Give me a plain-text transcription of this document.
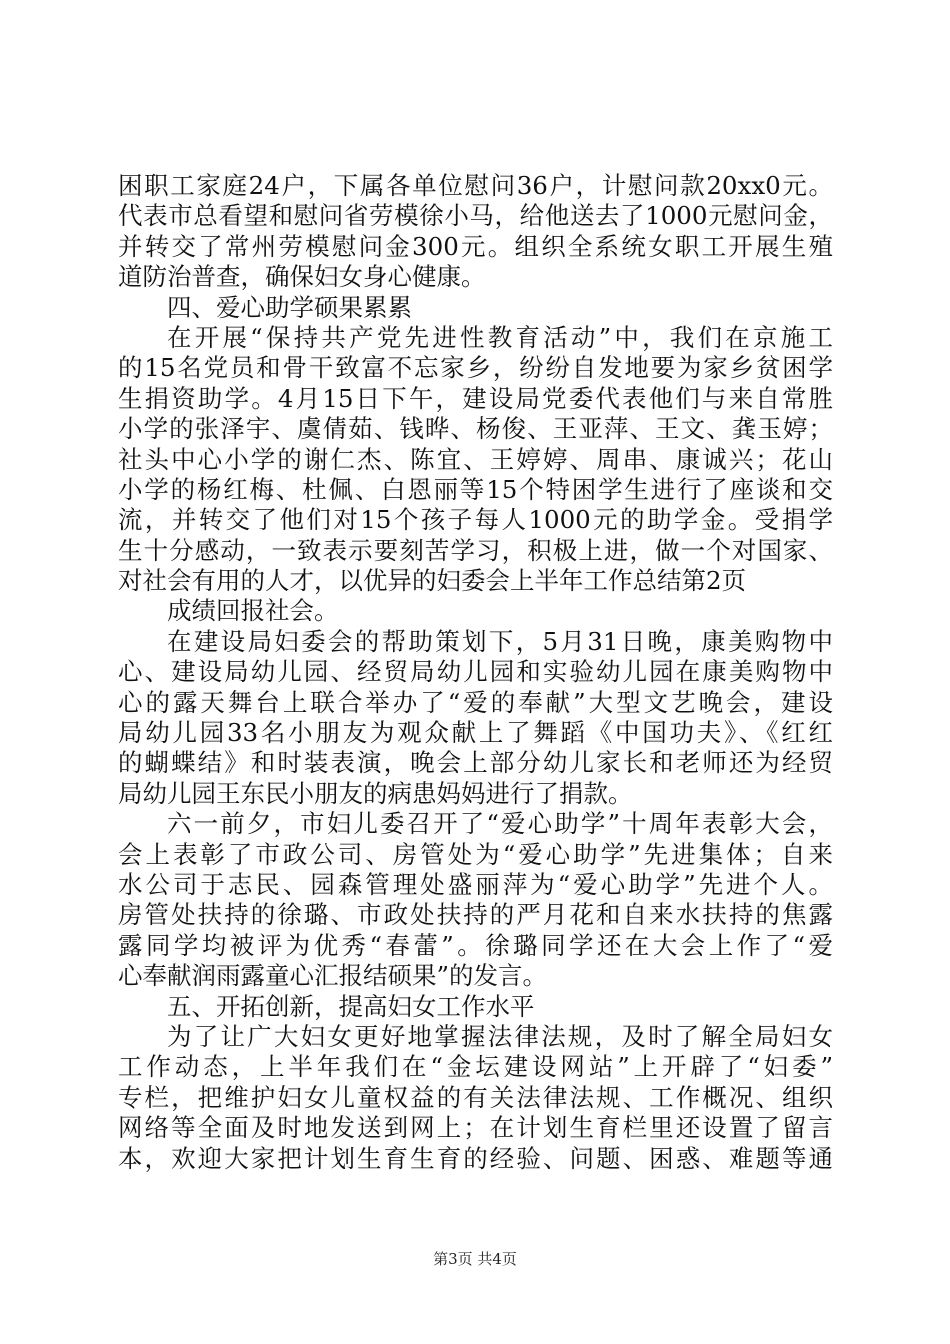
困职工家庭24户，下属各单位慰问36户，计慰问款20xx0元。
代表市总看望和慰问省劳模徐小马，给他送去了1000元慰问金，
并转交了常州劳模慰问金300元。组织全系统女职工开展生殖
道防治普查，确保妇女身心健康。
四、爱心助学硕果累累
在开展“保持共产党先进性教育活动”中，我们在京施工
的15名党员和骨干致富不忘家乡，纷纷自发地要为家乡贫困学
生捐资助学。4月15日下午，建设局党委代表他们与来自常胜
小学的张泽宇、虞倩茹、钱晔、杨俊、王亚萍、王文、龚玉婷；
社头中心小学的谢仁杰、陈宜、王婷婷、周串、康诚兴；花山
小学的杨红梅、杜佩、白恩丽等15个特困学生进行了座谈和交
流，并转交了他们对15个孩子每人1000元的助学金。受捐学
生十分感动，一致表示要刻苦学习，积极上进，做一个对国家、
对社会有用的人才，以优异的妇委会上半年工作总结第2页
成绩回报社会。
在建设局妇委会的帮助策划下，5月31日晚，康美购物中
心、建设局幼儿园、经贸局幼儿园和实验幼儿园在康美购物中
心的露天舞台上联合举办了“爱的奉献”大型文艺晚会，建设
局幼儿园33名小朋友为观众献上了舞蹈《中国功夫》、《红红
的蝴蝶结》和时装表演，晚会上部分幼儿家长和老师还为经贸
局幼儿园王东民小朋友的病患妈妈进行了捐款。
六一前夕，市妇儿委召开了“爱心助学”十周年表彰大会，
会上表彰了市政公司、房管处为“爱心助学”先进集体；自来
水公司于志民、园森管理处盛丽萍为“爱心助学”先进个人。
房管处扶持的徐璐、市政处扶持的严月花和自来水扶持的焦露
露同学均被评为优秀“春蕾”。徐璐同学还在大会上作了“爱
心奉献润雨露童心汇报结硕果”的发言。
五、开拓创新，提高妇女工作水平
为了让广大妇女更好地掌握法律法规，及时了解全局妇女
工作动态，上半年我们在“金坛建设网站”上开辟了“妇委”
专栏，把维护妇女儿童权益的有关法律法规、工作概况、组织
网络等全面及时地发送到网上；在计划生育栏里还设置了留言
本，欢迎大家把计划生育生育的经验、问题、困惑、难题等通
第3页 共4页
